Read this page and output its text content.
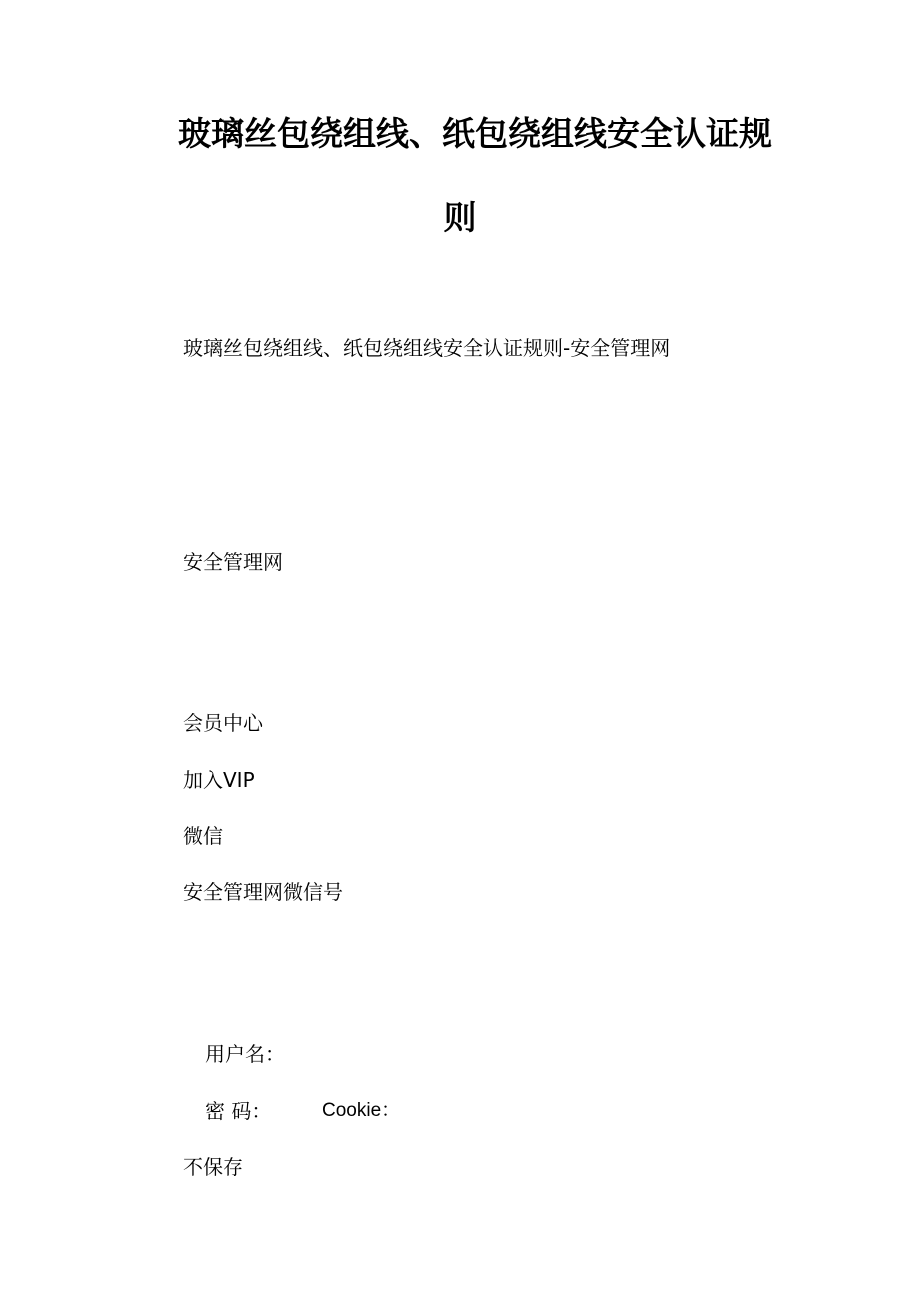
玻璃丝包绕组线、纸包绕组线安全认证规
则
玻璃丝包绕组线、纸包绕组线安全认证规则-安全管理网
安全管理网
会员中心
加入VIP
微信
安全管理网微信号
用户名：
密 码：	Cookie：
不保存
